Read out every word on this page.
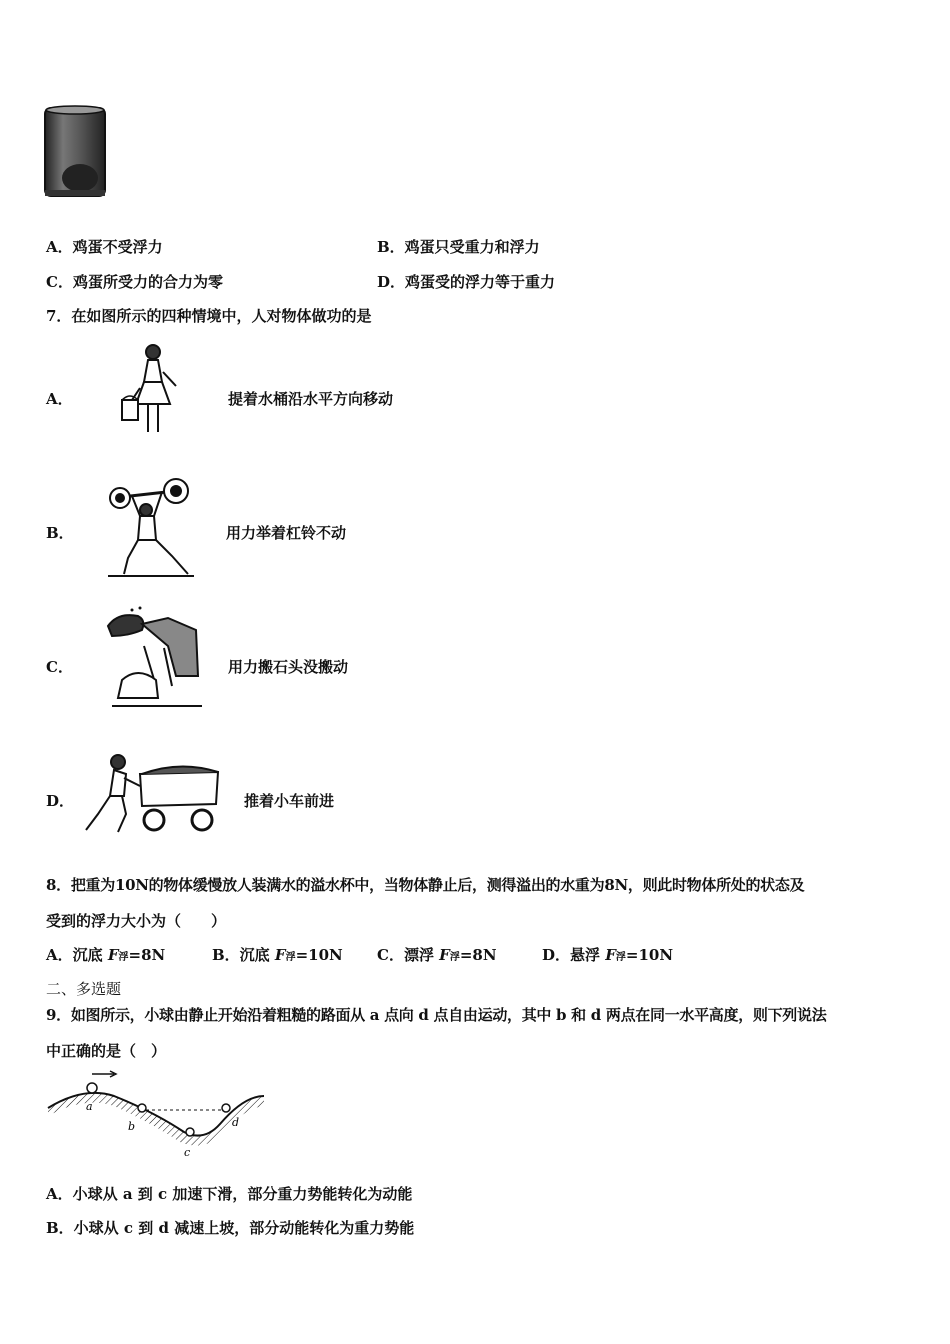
A．鸡蛋不受浮力	B．鸡蛋只受重力和浮力
C．鸡蛋所受力的合力为零	D．鸡蛋受的浮力等于重力
7．在如图所示的四种情境中，人对物体做功的是
A．	提着水桶沿水平方向移动
B．	用力举着杠铃不动
C．	用力搬石头没搬动
D．	推着小车前进
8．把重为10N的物体缓慢放人装满水的溢水杯中，当物体静止后，测得溢出的水重为8N，则此时物体所处的状态及
受到的浮力大小为（　　）
A．沉底 F浮=8N	B．沉底 F浮=10N C．漂浮 F浮=8N	D．悬浮 F浮=10N
二、多选题
9．如图所示，小球由静止开始沿着粗糙的路面从 a 点向 d 点自由运动，其中 b 和 d 两点在同一水平高度，则下列说法
中正确的是（　）
a
b
c
d
A．小球从 a 到 c 加速下滑，部分重力势能转化为动能
B．小球从 c 到 d 减速上坡，部分动能转化为重力势能
